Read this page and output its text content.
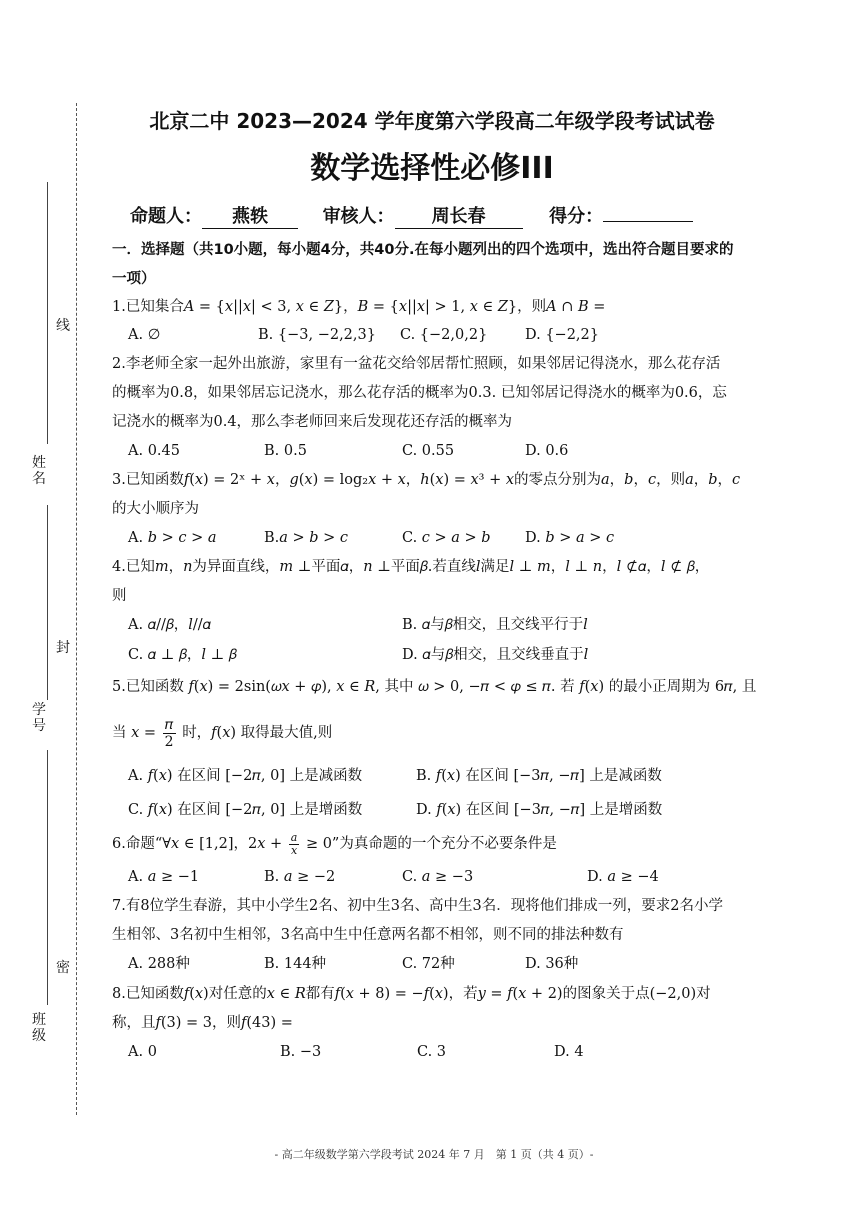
线
封
密
姓名
学号
班级
北京二中 2023—2024 学年度第六学段高二年级学段考试试卷
数学选择性必修III
命题人： 燕轶	审核人： 周长春	得分：
一．选择题（共10小题，每小题4分，共40分.在每小题列出的四个选项中，选出符合题目要求的
一项）
1.已知集合𝐴 = {𝑥||𝑥| < 3, 𝑥 ∈ 𝑍}，𝐵 = {𝑥||𝑥| > 1, 𝑥 ∈ 𝑍}，则𝐴 ∩ 𝐵 =
A. ∅	B. {−3, −2,2,3} C. {−2,0,2}	D. {−2,2}
2.李老师全家一起外出旅游，家里有一盆花交给邻居帮忙照顾，如果邻居记得浇水，那么花存活
的概率为0.8，如果邻居忘记浇水，那么花存活的概率为0.3. 已知邻居记得浇水的概率为0.6，忘
记浇水的概率为0.4，那么李老师回来后发现花还存活的概率为
A. 0.45	B. 0.5	C. 0.55	D. 0.6
3.已知函数𝑓(𝑥) = 2ˣ + 𝑥，𝑔(𝑥) = log₂𝑥 + 𝑥，ℎ(𝑥) = 𝑥³ + 𝑥的零点分别为𝑎，𝑏，𝑐，则𝑎，𝑏，𝑐
的大小顺序为
A. 𝑏 > 𝑐 > 𝑎	B.𝑎 > 𝑏 > 𝑐	C. 𝑐 > 𝑎 > 𝑏 D. 𝑏 > 𝑎 > 𝑐
4.已知𝑚，𝑛为异面直线，𝑚 ⊥平面𝛼，𝑛 ⊥平面𝛽.若直线𝑙满足𝑙 ⊥ 𝑚，𝑙 ⊥ 𝑛，𝑙 ⊄𝛼，𝑙 ⊄ 𝛽，
则
A. 𝛼//𝛽，𝑙//𝛼	B. 𝛼与𝛽相交，且交线平行于𝑙
C. 𝛼 ⊥ 𝛽，𝑙 ⊥ 𝛽	D. 𝛼与𝛽相交，且交线垂直于𝑙
5.已知函数 𝑓(𝑥) = 2sin(𝜔𝑥 + 𝜑), 𝑥 ∈ 𝑅, 其中 𝜔 > 0, −𝜋 < 𝜑 ≤ 𝜋. 若 𝑓(𝑥) 的最小正周期为 6𝜋, 且
当 𝑥 = $\frac{\text{𝜋}}{2}$ 时，𝑓(𝑥) 取得最大值,则
A. 𝑓(𝑥) 在区间 [−2𝜋, 0] 上是减函数	B. 𝑓(𝑥) 在区间 [−3𝜋, −𝜋] 上是减函数
C. 𝑓(𝑥) 在区间 [−2𝜋, 0] 上是增函数	D. 𝑓(𝑥) 在区间 [−3𝜋, −𝜋] 上是增函数
6.命题“∀𝑥 ∈ [1,2]，2𝑥 + $\frac{\text{𝑎}}{\text{𝑥}} \ge 0$”为真命题的一个充分不必要条件是
A. 𝑎 ≥ −1	B. 𝑎 ≥ −2	C. 𝑎 ≥ −3	D. 𝑎 ≥ −4
7.有8位学生春游，其中小学生2名、初中生3名、高中生3名．现将他们排成一列，要求2名小学
生相邻、3名初中生相邻，3名高中生中任意两名都不相邻，则不同的排法种数有
A. 288种	B. 144种	C. 72种	D. 36种
8.已知函数𝑓(𝑥)对任意的𝑥 ∈ 𝑅都有𝑓(𝑥 + 8) = −𝑓(𝑥)，若𝑦 = 𝑓(𝑥 + 2)的图象关于点(−2,0)对
称，且𝑓(3) = 3，则𝑓(43) =
A. 0	B. −3	C. 3	D. 4
- 高二年级数学第六学段考试 2024 年 7 月　第 1 页（共 4 页）-
